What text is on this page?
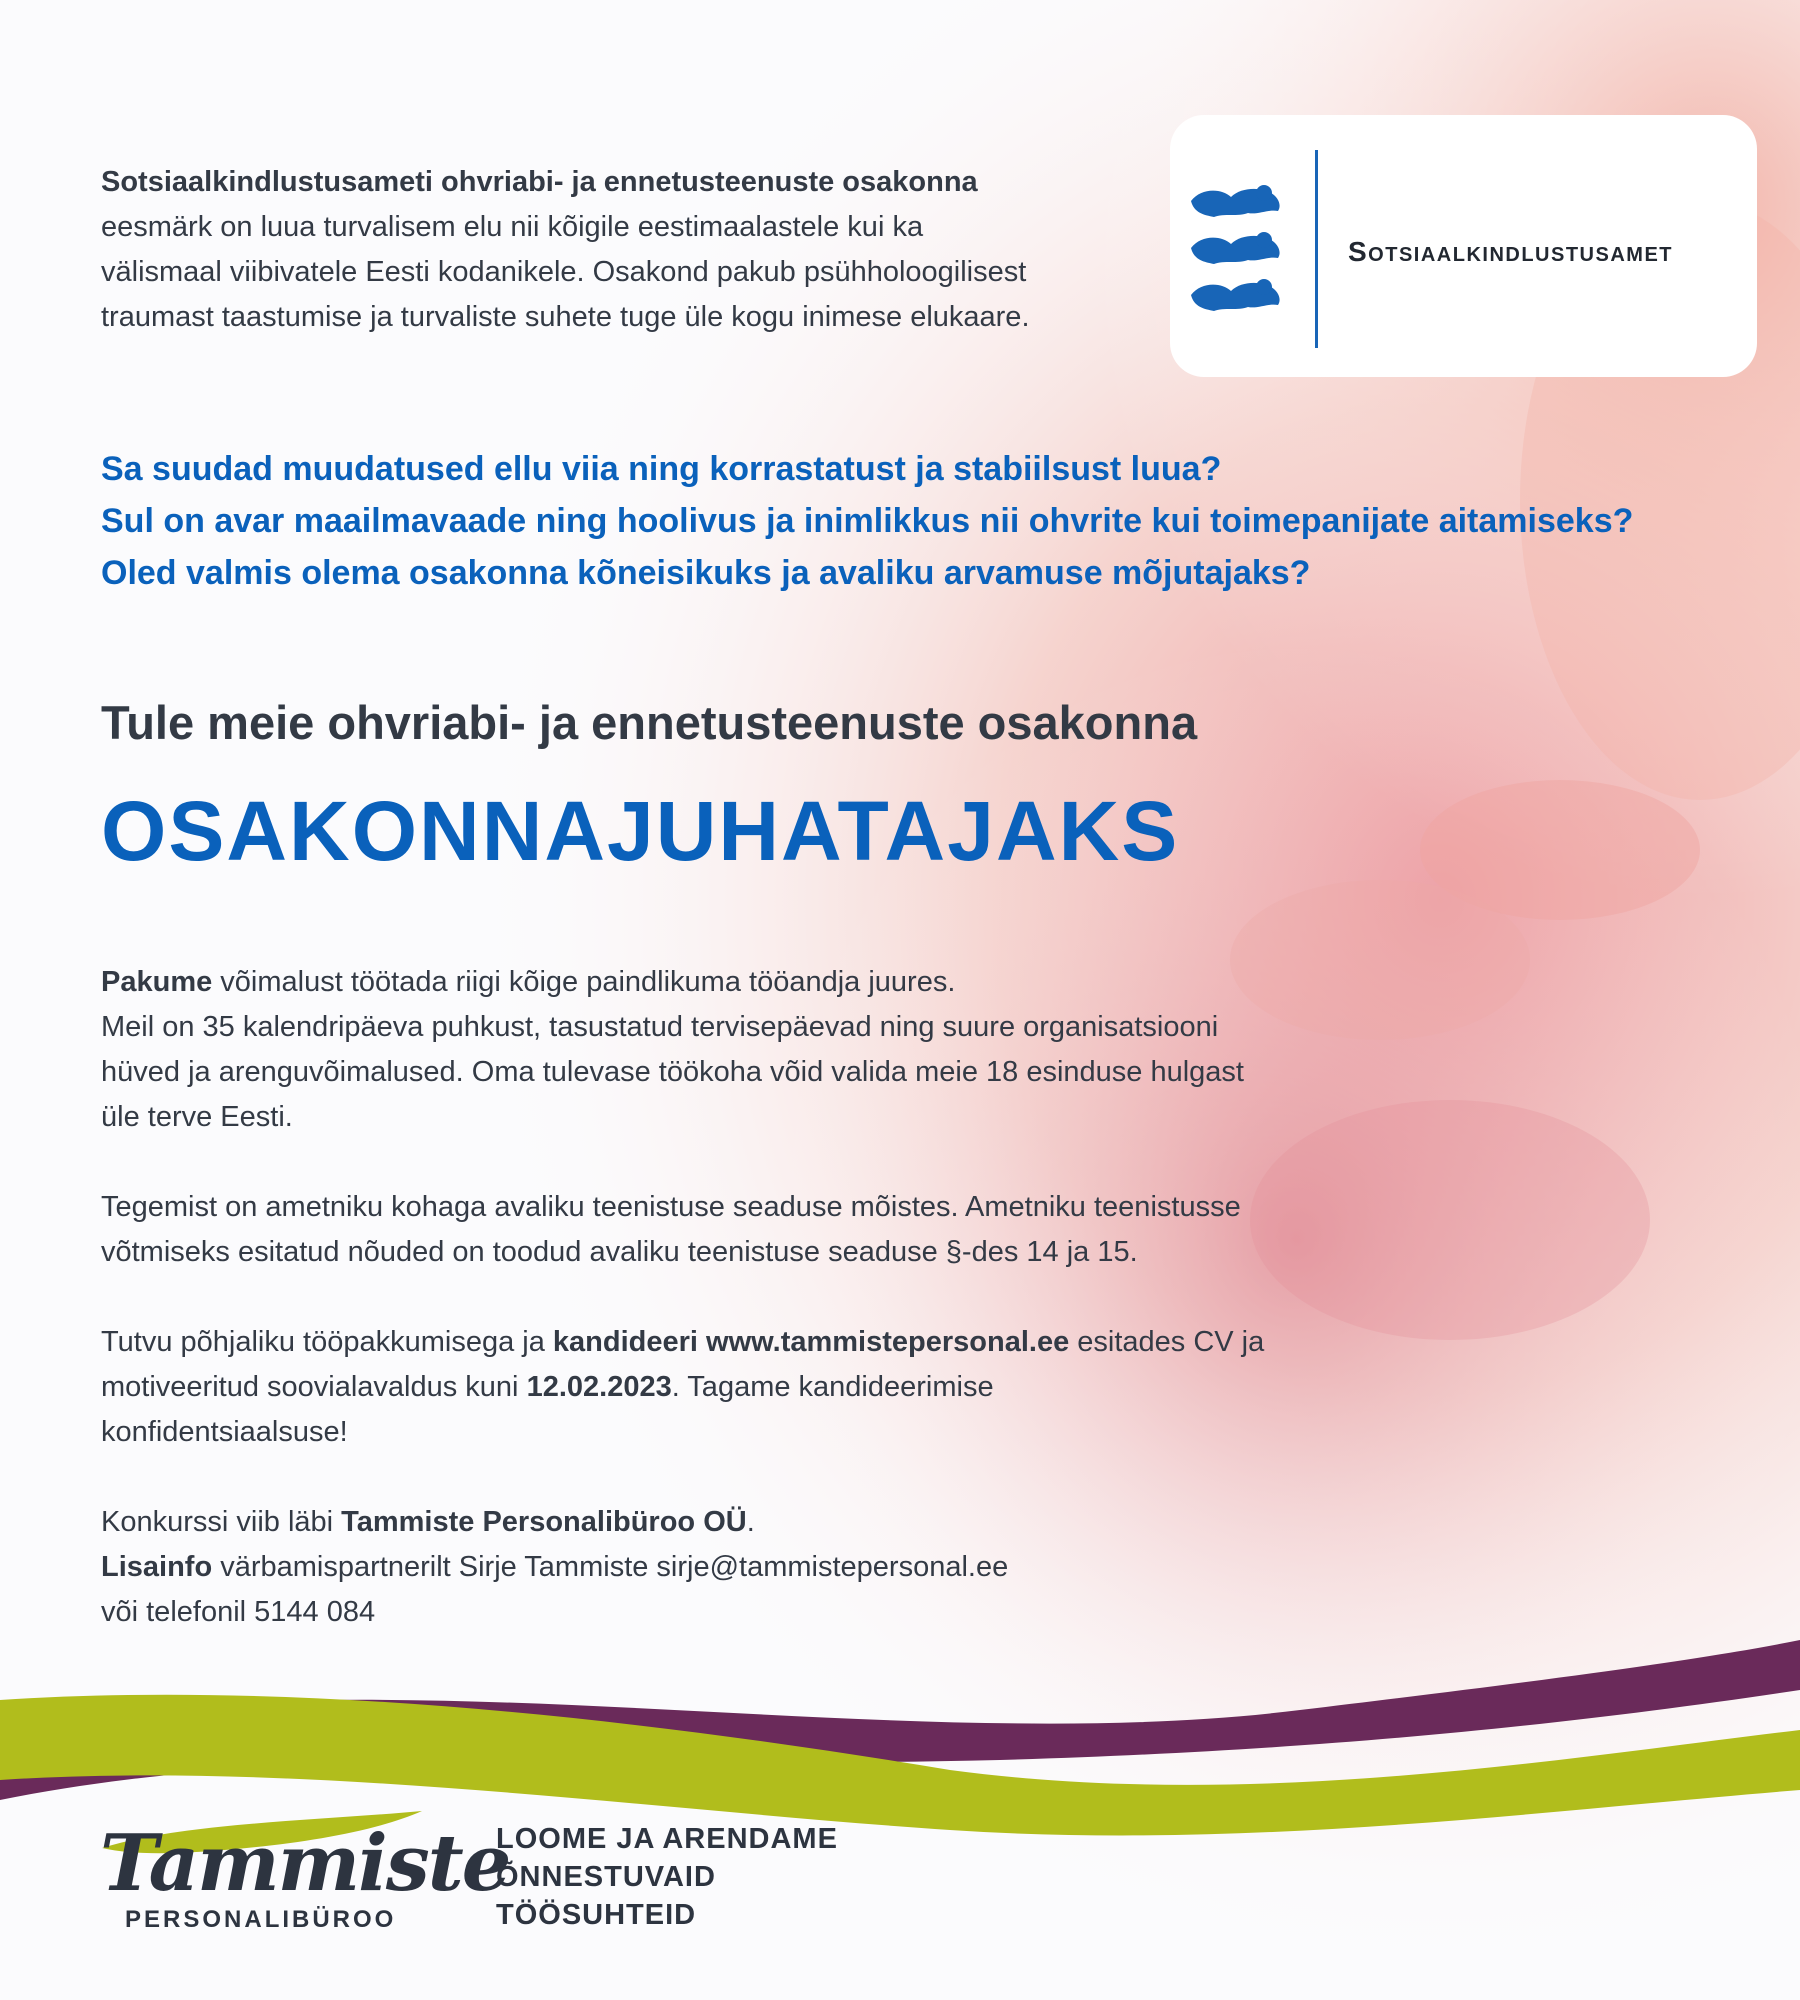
Sotsiaalkindlustusameti ohvriabi- ja ennetusteenuste osakonna
eesmärk on luua turvalisem elu nii kõigile eestimaalastele kui ka
välismaal viibivatele Eesti kodanikele. Osakond pakub psühholoogilisest
traumast taastumise ja turvaliste suhete tuge üle kogu inimese elukaare.
Sotsiaalkindlustusamet
Sa suudad muudatused ellu viia ning korrastatust ja stabiilsust luua?
Sul on avar maailmavaade ning hoolivus ja inimlikkus nii ohvrite kui toimepanijate aitamiseks?
Oled valmis olema osakonna kõneisikuks ja avaliku arvamuse mõjutajaks?
Tule meie ohvriabi- ja ennetusteenuste osakonna
OSAKONNAJUHATAJAKS

Pakume võimalust töötada riigi kõige paindlikuma tööandja juures.
Meil on 35 kalendripäeva puhkust, tasustatud tervisepäevad ning suure organisatsiooni
hüved ja arenguvõimalused. Oma tulevase töökoha võid valida meie 18 esinduse hulgast
üle terve Eesti.

Tegemist on ametniku kohaga avaliku teenistuse seaduse mõistes. Ametniku teenistusse
võtmiseks esitatud nõuded on toodud avaliku teenistuse seaduse §-des 14 ja 15.

Tutvu põhjaliku tööpakkumisega ja kandideeri www.tammistepersonal.ee esitades CV ja
motiveeritud soovialavaldus kuni 12.02.2023. Tagame kandideerimise
konfidentsiaalsuse!

Konkurssi viib läbi Tammiste Personalibüroo OÜ.
Lisainfo värbamispartnerilt Sirje Tammiste sirje@tammistepersonal.ee
või telefonil 5144 084

Tammiste
PERSONALIBÜROO
LOOME JA ARENDAME
ÕNNESTUVAID
TÖÖSUHTEID
